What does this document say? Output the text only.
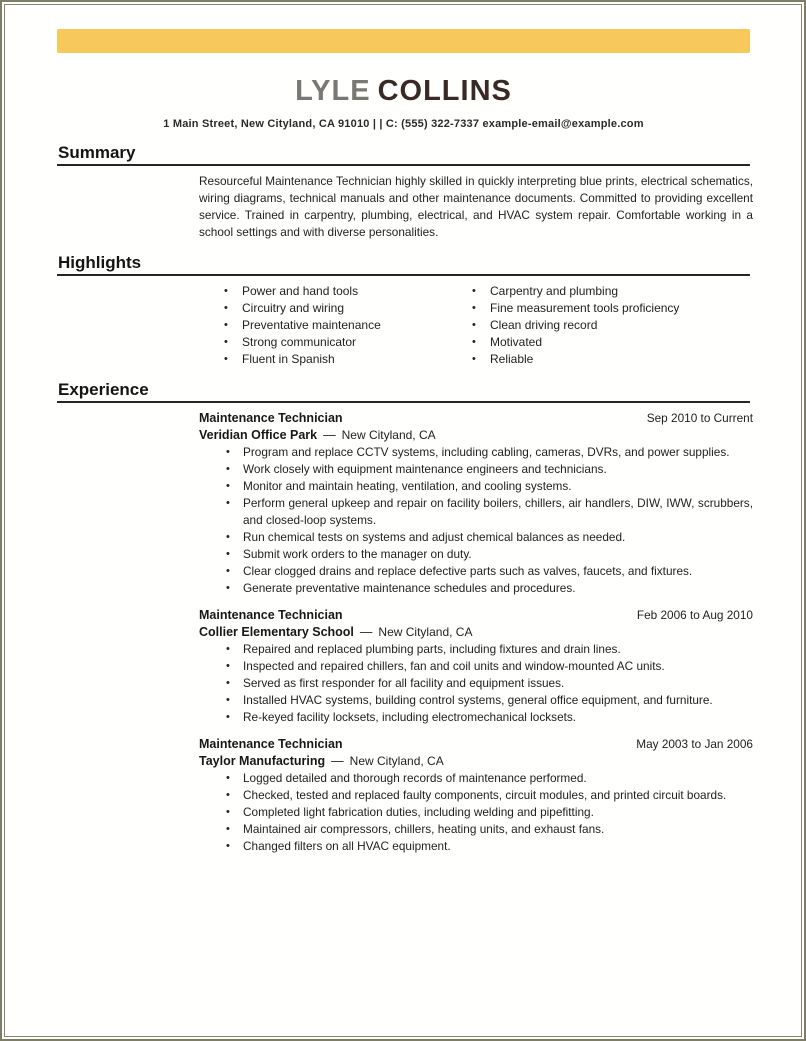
LYLE COLLINS
1 Main Street, New Cityland, CA 91010 | | C: (555) 322-7337 example-email@example.com
Summary

Resourceful Maintenance Technician highly skilled in quickly interpreting blue prints, electrical schematics, wiring diagrams, technical manuals and other maintenance documents. Committed to providing excellent service. Trained in carpentry, plumbing, electrical, and HVAC system repair. Comfortable working in a school settings and with diverse personalities.

Highlights
• Power and hand tools
• Circuitry and wiring
• Preventative maintenance
• Strong communicator
• Fluent in Spanish
• Carpentry and plumbing
• Fine measurement tools proficiency
• Clean driving record
• Motivated
• Reliable
Experience
Maintenance Technician	Sep 2010 to Current
Veridian Office Park — New Cityland, CA
• Program and replace CCTV systems, including cabling, cameras, DVRs, and power supplies.
• Work closely with equipment maintenance engineers and technicians.
• Monitor and maintain heating, ventilation, and cooling systems.
• Perform general upkeep and repair on facility boilers, chillers, air handlers, DIW, IWW, scrubbers, and closed-loop systems.
• Run chemical tests on systems and adjust chemical balances as needed.
• Submit work orders to the manager on duty.
• Clear clogged drains and replace defective parts such as valves, faucets, and fixtures.
• Generate preventative maintenance schedules and procedures.
Maintenance Technician	Feb 2006 to Aug 2010
Collier Elementary School — New Cityland, CA
• Repaired and replaced plumbing parts, including fixtures and drain lines.
• Inspected and repaired chillers, fan and coil units and window-mounted AC units.
• Served as first responder for all facility and equipment issues.
• Installed HVAC systems, building control systems, general office equipment, and furniture.
• Re-keyed facility locksets, including electromechanical locksets.
Maintenance Technician	May 2003 to Jan 2006
Taylor Manufacturing — New Cityland, CA
• Logged detailed and thorough records of maintenance performed.
• Checked, tested and replaced faulty components, circuit modules, and printed circuit boards.
• Completed light fabrication duties, including welding and pipefitting.
• Maintained air compressors, chillers, heating units, and exhaust fans.
• Changed filters on all HVAC equipment.
